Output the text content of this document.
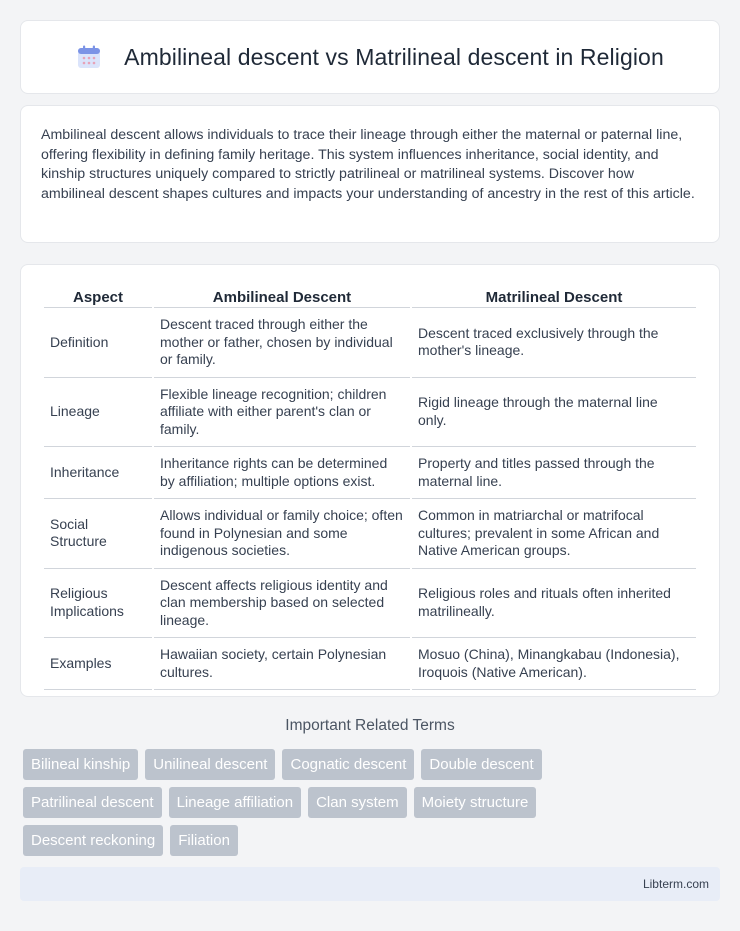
Ambilineal descent vs Matrilineal descent in Religion

Ambilineal descent allows individuals to trace their lineage through either the maternal or paternal line, offering flexibility in defining family heritage. This system influences inheritance, social identity, and kinship structures uniquely compared to strictly patrilineal or matrilineal systems. Discover how ambilineal descent shapes cultures and impacts your understanding of ancestry in the rest of this article.

Aspect	Ambilineal Descent	Matrilineal Descent
Definition	Descent traced through either the mother or father, chosen by individual or family.	Descent traced exclusively through the mother's lineage.
Lineage	Flexible lineage recognition; children affiliate with either parent's clan or family.	Rigid lineage through the maternal line only.
Inheritance	Inheritance rights can be determined by affiliation; multiple options exist.	Property and titles passed through the maternal line.
Social Structure	Allows individual or family choice; often found in Polynesian and some indigenous societies.	Common in matriarchal or matrifocal cultures; prevalent in some African and Native American groups.
Religious Implications	Descent affects religious identity and clan membership based on selected lineage.	Religious roles and rituals often inherited matrilineally.
Examples	Hawaiian society, certain Polynesian cultures.	Mosuo (China), Minangkabau (Indonesia), Iroquois (Native American).
Important Related Terms
Bilineal kinship	Unilineal descent	Cognatic descent	Double descent
Patrilineal descent	Lineage affiliation	Clan system	Moiety structure
Descent reckoning	Filiation
Libterm.com
